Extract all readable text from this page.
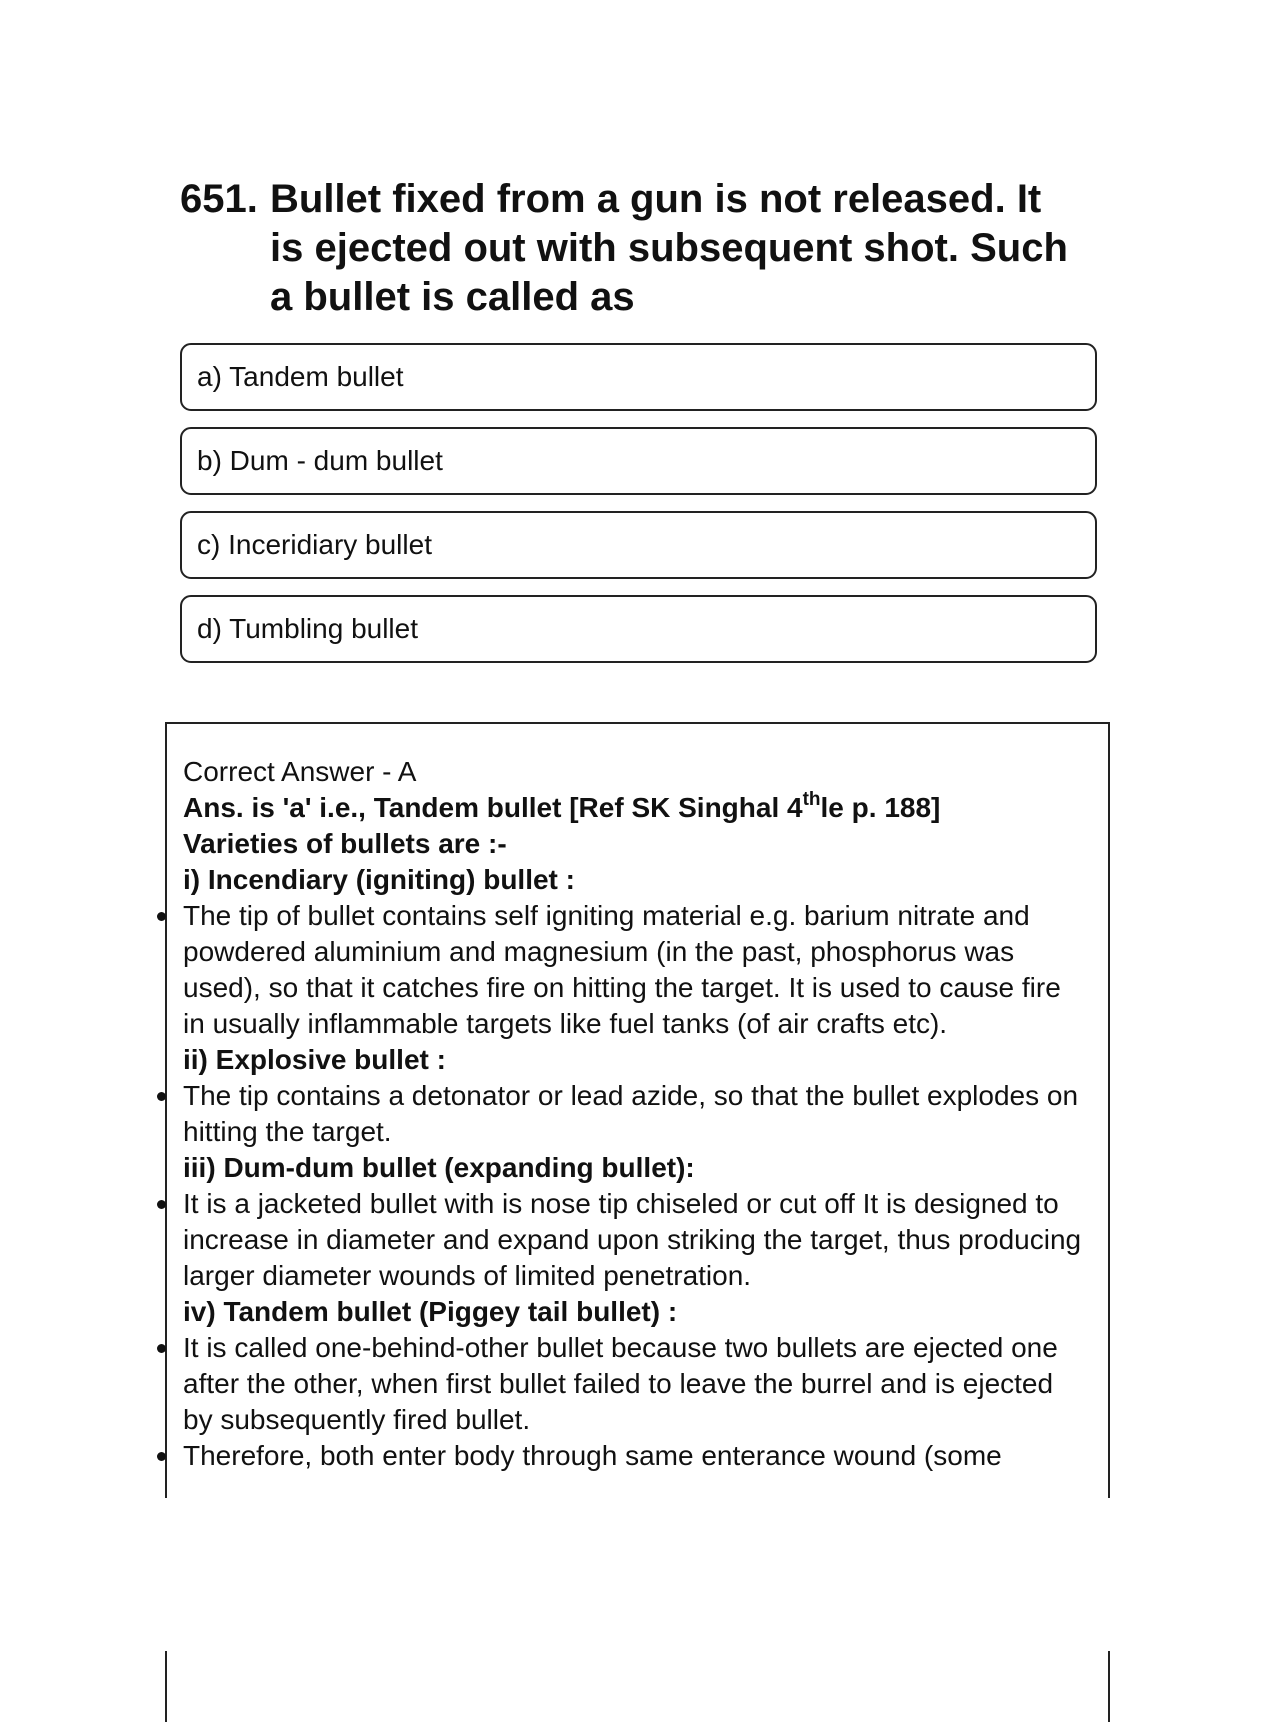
651. Bullet fixed from a gun is not released. It is ejected out with subsequent shot. Such a bullet is called as
a) Tandem bullet
b) Dum - dum bullet
c) Inceridiary bullet
d) Tumbling bullet

Correct Answer - A

Ans. is 'a' i.e., Tandem bullet [Ref SK Singhal 4thle p. 188]

Varieties of bullets are :-

i) Incendiary (igniting) bullet :

The tip of bullet contains self igniting material e.g. barium nitrate and powdered aluminium and magnesium (in the past, phosphorus was used), so that it catches fire on hitting the target. It is used to cause fire in usually inflammable targets like fuel tanks (of air crafts etc).

ii) Explosive bullet :

The tip contains a detonator or lead azide, so that the bullet explodes on hitting the target.

iii) Dum-dum bullet (expanding bullet):

It is a jacketed bullet with is nose tip chiseled or cut off It is designed to increase in diameter and expand upon striking the target, thus producing larger diameter wounds of limited penetration.

iv) Tandem bullet (Piggey tail bullet) :

It is called one-behind-other bullet because two bullets are ejected one after the other, when first bullet failed to leave the burrel and is ejected by subsequently fired bullet.

Therefore, both enter body through same enterance wound (some
